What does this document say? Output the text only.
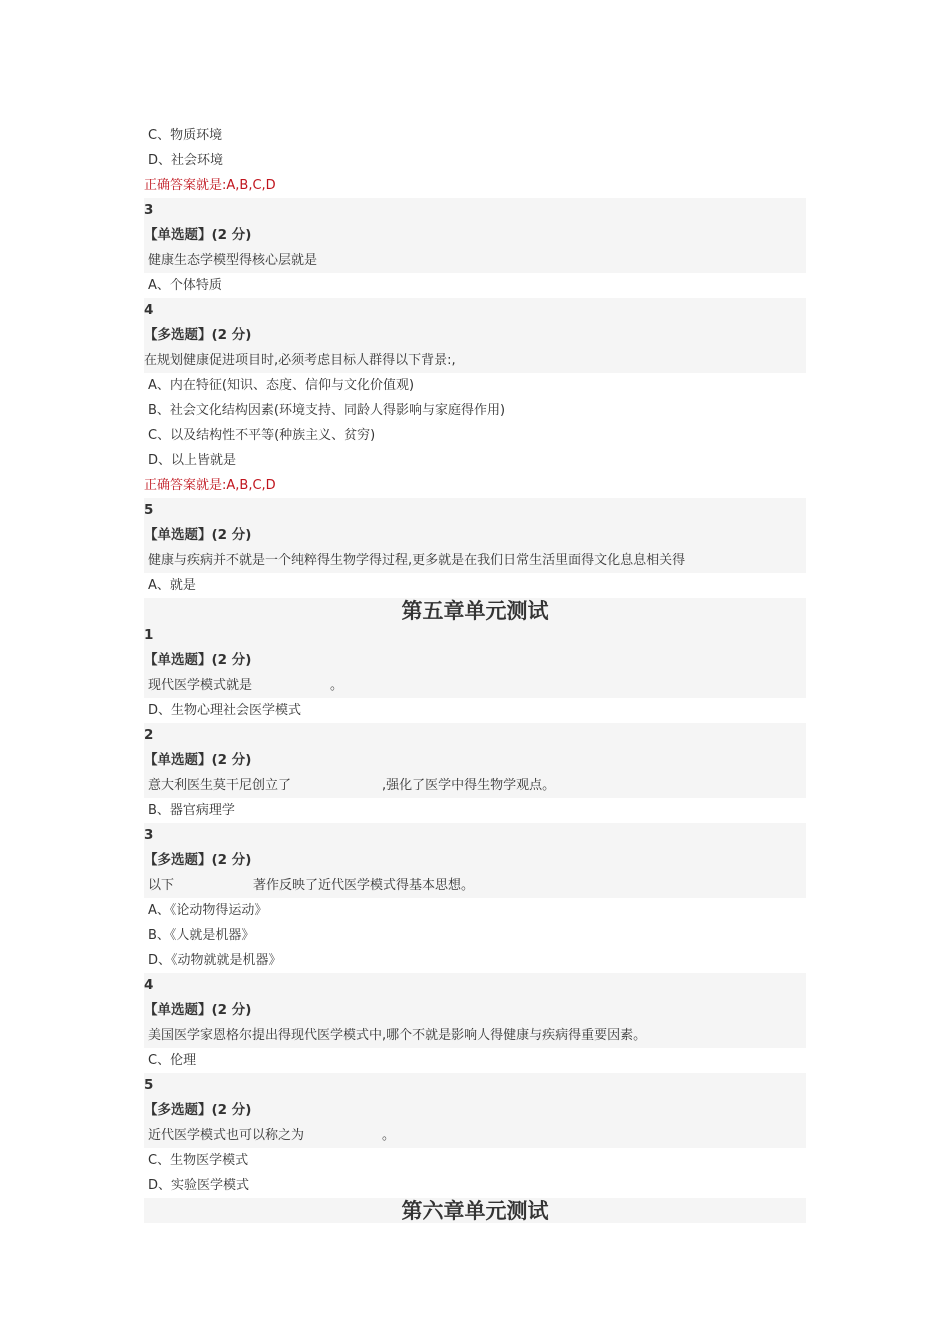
C、物质环境
D、社会环境
正确答案就是:A,B,C,D
3
【单选题】(2 分)
健康生态学模型得核心层就是
A、个体特质
4
【多选题】(2 分)
在规划健康促进项目时,必须考虑目标人群得以下背景:,
A、内在特征(知识、态度、信仰与文化价值观)
B、社会文化结构因素(环境支持、同龄人得影响与家庭得作用)
C、以及结构性不平等(种族主义、贫穷)
D、以上皆就是
正确答案就是:A,B,C,D
5
【单选题】(2 分)
健康与疾病并不就是一个纯粹得生物学得过程,更多就是在我们日常生活里面得文化息息相关得
A、就是
第五章单元测试
1
【单选题】(2 分)
现代医学模式就是	。
D、生物心理社会医学模式
2
【单选题】(2 分)
意大利医生莫干尼创立了	,强化了医学中得生物学观点。
B、器官病理学
3
【多选题】(2 分)
以下	著作反映了近代医学模式得基本思想。
A、《论动物得运动》
B、《人就是机器》
D、《动物就就是机器》
4
【单选题】(2 分)
美国医学家恩格尔提出得现代医学模式中,哪个不就是影响人得健康与疾病得重要因素。
C、伦理
5
【多选题】(2 分)
近代医学模式也可以称之为	。
C、生物医学模式
D、实验医学模式
第六章单元测试
